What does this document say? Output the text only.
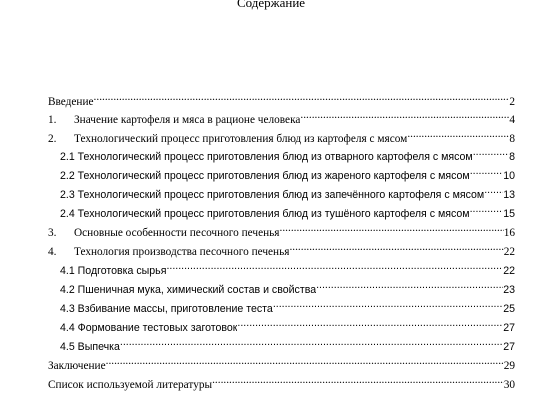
Содержание
Введение .....	2
1.	Значение картофеля и мяса в рационе человека .....	4
2.	Технологический процесс приготовления блюд из картофеля с мясом .....	8
2.1 Технологический процесс приготовления блюд из отварного картофеля с мясом .....	8
2.2 Технологический процесс приготовления блюд из жареного картофеля с мясом .....	10
2.3 Технологический процесс приготовления блюд из запечённого картофеля с мясом ..... 13
2.4 Технологический процесс приготовления блюд из тушёного картофеля с мясом .....	15
3.	Основные особенности песочного печенья .....	16
4.	Технология производства песочного печенья .....	22
4.1 Подготовка сырья .....	22
4.2 Пшеничная мука, химический состав и свойства .....	23
4.3 Взбивание массы, приготовление теста .....	25
4.4 Формование тестовых заготовок .....	27
4.5 Выпечка .....	27
Заключение .....	29
Список используемой литературы .....	30
